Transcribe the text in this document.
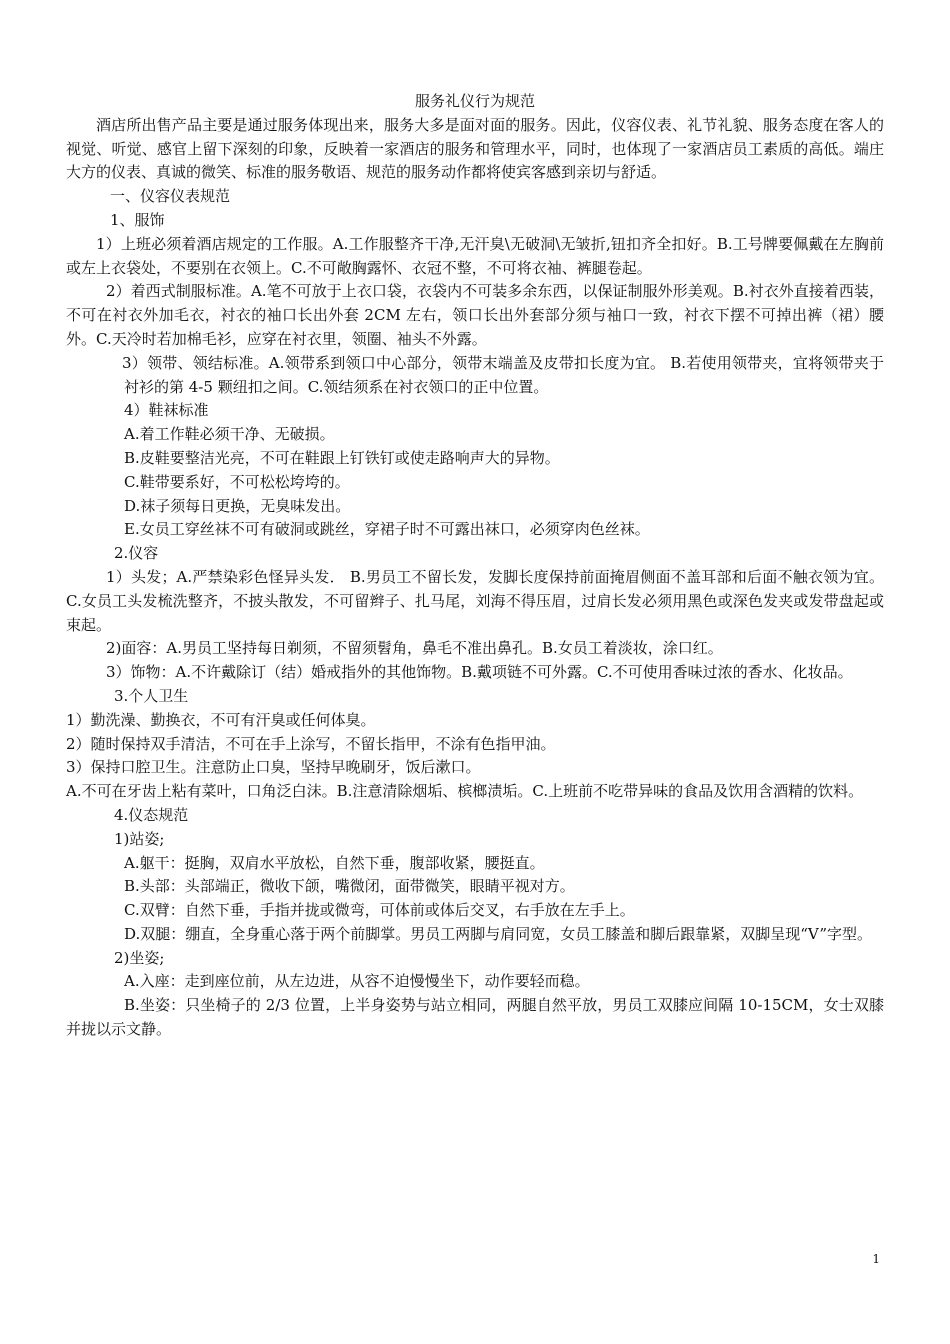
服务礼仪行为规范

酒店所出售产品主要是通过服务体现出来，服务大多是面对面的服务。因此，仪容仪表、礼节礼貌、服务态度在客人的视觉、听觉、感官上留下深刻的印象，反映着一家酒店的服务和管理水平，同时，也体现了一家酒店员工素质的高低。端庄大方的仪表、真诚的微笑、标准的服务敬语、规范的服务动作都将使宾客感到亲切与舒适。

一、仪容仪表规范

1、服饰

1）上班必须着酒店规定的工作服。A.工作服整齐干净,无汗臭\无破洞\无皱折,钮扣齐全扣好。B.工号牌要佩戴在左胸前或左上衣袋处，不要别在衣领上。C.不可敞胸露怀、衣冠不整，不可将衣袖、裤腿卷起。

2）着西式制服标准。A.笔不可放于上衣口袋，衣袋内不可装多余东西，以保证制服外形美观。B.衬衣外直接着西装，不可在衬衣外加毛衣，衬衣的袖口长出外套 2CM 左右，领口长出外套部分须与袖口一致，衬衣下摆不可掉出裤（裙）腰外。C.天冷时若加棉毛衫，应穿在衬衣里，领圈、袖头不外露。

3）领带、领结标准。A.领带系到领口中心部分，领带末端盖及皮带扣长度为宜。 B.若使用领带夹，宜将领带夹于衬衫的第 4-5 颗纽扣之间。C.领结须系在衬衣领口的正中位置。

4）鞋袜标准

A.着工作鞋必须干净、无破损。

B.皮鞋要整洁光亮，不可在鞋跟上钉铁钉或使走路响声大的异物。

C.鞋带要系好，不可松松垮垮的。

D.袜子须每日更换，无臭味发出。

E.女员工穿丝袜不可有破洞或跳丝，穿裙子时不可露出袜口，必须穿肉色丝袜。

2.仪容

1）头发；A.严禁染彩色怪异头发． B.男员工不留长发，发脚长度保持前面掩眉侧面不盖耳部和后面不触衣领为宜。C.女员工头发梳洗整齐，不披头散发，不可留辫子、扎马尾，刘海不得压眉，过肩长发必须用黑色或深色发夹或发带盘起或束起。

2)面容：A.男员工坚持每日剃须，不留须髫角，鼻毛不准出鼻孔。B.女员工着淡妆，涂口红。

3）饰物：A.不许戴除订（结）婚戒指外的其他饰物。B.戴项链不可外露。C.不可使用香味过浓的香水、化妆品。

3.个人卫生

1）勤洗澡、勤换衣，不可有汗臭或任何体臭。

2）随时保持双手清洁，不可在手上涂写，不留长指甲，不涂有色指甲油。

3）保持口腔卫生。注意防止口臭，坚持早晚刷牙，饭后漱口。

A.不可在牙齿上粘有菜叶，口角泛白沫。B.注意清除烟垢、槟榔渍垢。C.上班前不吃带异味的食品及饮用含酒精的饮料。

4.仪态规范

1)站姿;

A.躯干：挺胸，双肩水平放松，自然下垂，腹部收紧，腰挺直。

B.头部：头部端正，微收下颌，嘴微闭，面带微笑，眼睛平视对方。

C.双臂：自然下垂，手指并拢或微弯，可体前或体后交叉，右手放在左手上。

D.双腿：绷直，全身重心落于两个前脚掌。男员工两脚与肩同宽，女员工膝盖和脚后跟靠紧，双脚呈现“V”字型。

2)坐姿;

A.入座：走到座位前，从左边进，从容不迫慢慢坐下，动作要轻而稳。

B.坐姿：只坐椅子的 2/3 位置，上半身姿势与站立相同，两腿自然平放，男员工双膝应间隔 10-15CM，女士双膝并拢以示文静。

1
